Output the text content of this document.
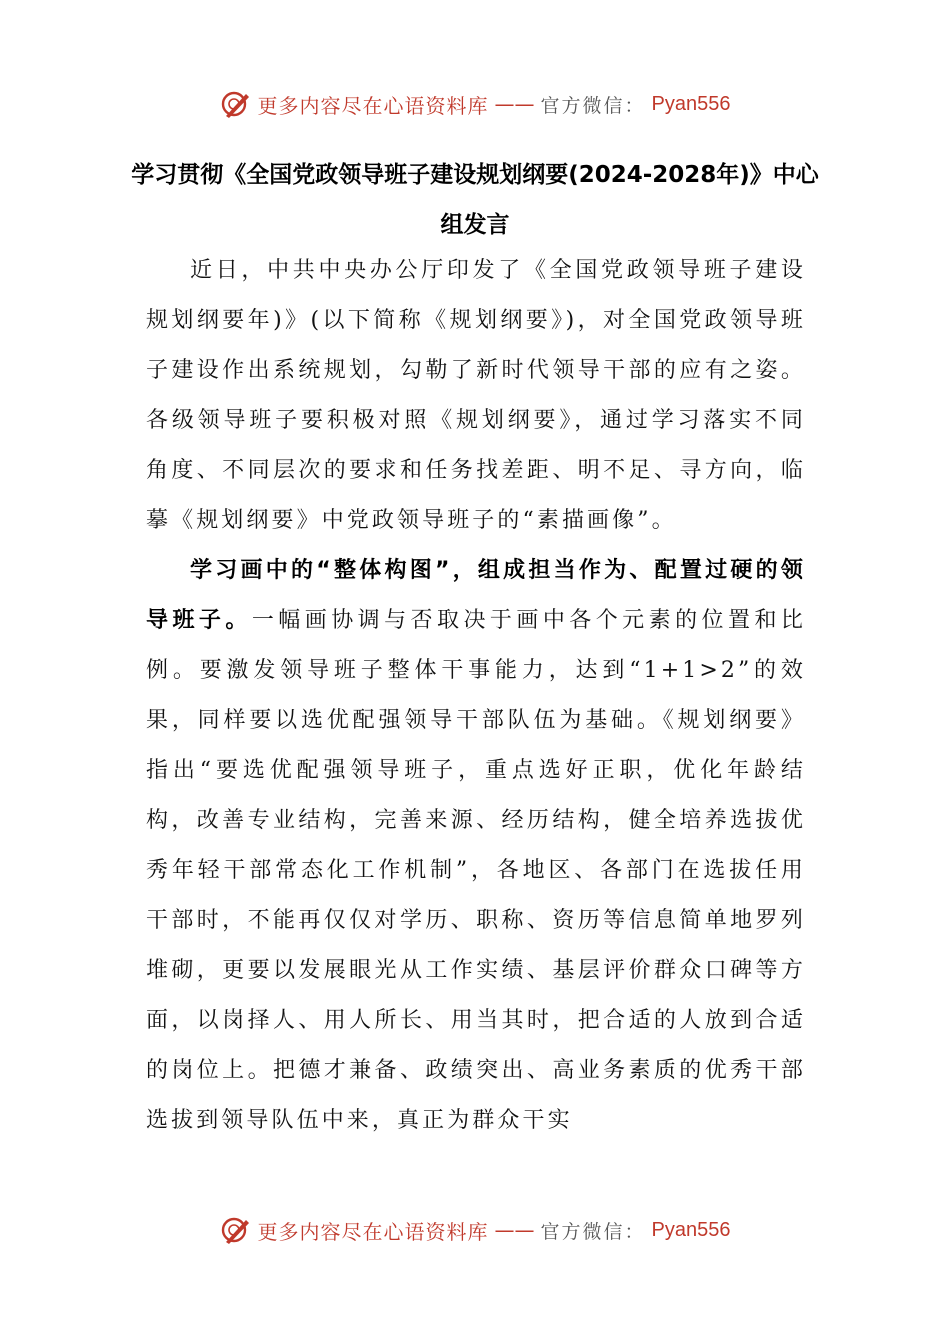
更多内容尽在心语资料库 —— 官方微信： Pyan556
学习贯彻《全国党政领导班子建设规划纲要(2024-2028年)》中心组发言

近日，中共中央办公厅印发了《全国党政领导班子建设规划纲要年)》(以下简称《规划纲要》)，对全国党政领导班子建设作出系统规划，勾勒了新时代领导干部的应有之姿。各级领导班子要积极对照《规划纲要》，通过学习落实不同角度、不同层次的要求和任务找差距、明不足、寻方向，临摹《规划纲要》中党政领导班子的“素描画像”。

学习画中的“整体构图”，组成担当作为、配置过硬的领导班子。一幅画协调与否取决于画中各个元素的位置和比例。要激发领导班子整体干事能力，达到“1+1>2”的效果，同样要以选优配强领导干部队伍为基础。《规划纲要》指出“要选优配强领导班子，重点选好正职，优化年龄结构，改善专业结构，完善来源、经历结构，健全培养选拔优秀年轻干部常态化工作机制”，各地区、各部门在选拔任用干部时，不能再仅仅对学历、职称、资历等信息简单地罗列堆砌，更要以发展眼光从工作实绩、基层评价群众口碑等方面，以岗择人、用人所长、用当其时，把合适的人放到合适的岗位上。把德才兼备、政绩突出、高业务素质的优秀干部选拔到领导队伍中来，真正为群众干实

更多内容尽在心语资料库 —— 官方微信： Pyan556
